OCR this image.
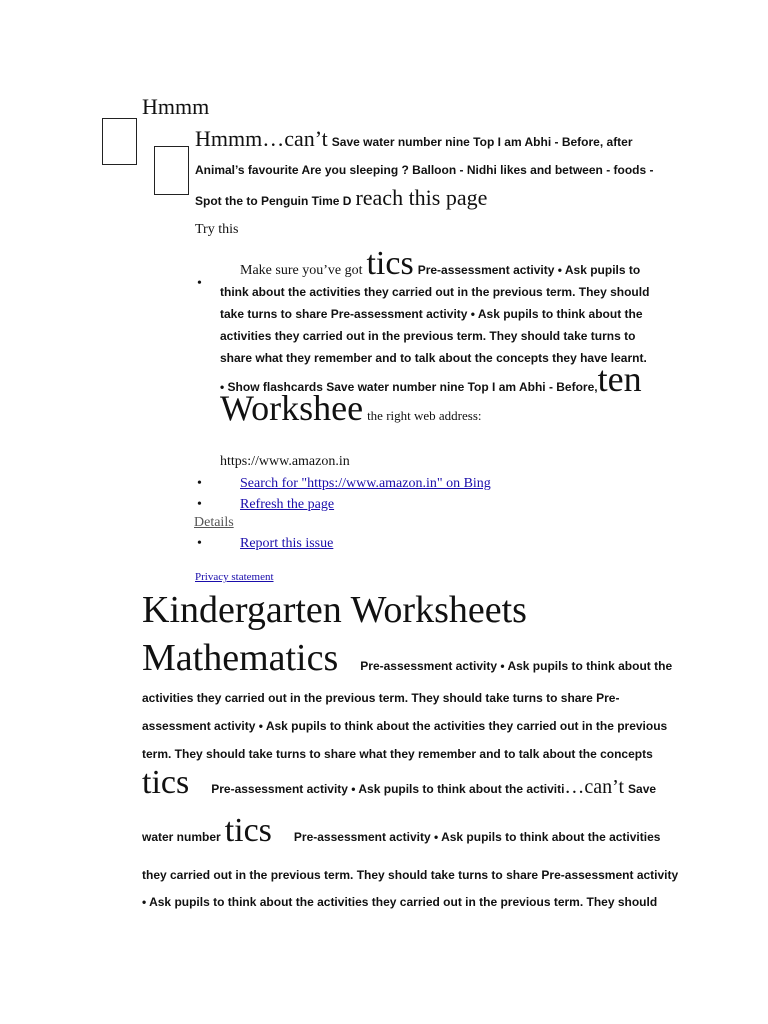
Hmmm
Hmmm…can’t Save water number nine Top I am Abhi - Before, after Animal’s favourite Are you sleeping ? Balloon - Nidhi likes and between - foods - Spot the to Penguin Time D reach this page
Try this
•
Make sure you’ve got tics Pre-assessment activity • Ask pupils to think about the activities they carried out in the previous term. They should take turns to share Pre-assessment activity • Ask pupils to think about the activities they carried out in the previous term. They should take turns to share what they remember and to talk about the concepts they have learnt. • Show flashcards Save water number nine Top I am Abhi - Before,ten Workshee the right web address:
https://www.amazon.in
•	Search for "https://www.amazon.in" on Bing
•	Refresh the page
Details
•	Report this issue
Privacy statement
Kindergarten Worksheets
Mathematics Pre-assessment activity • Ask pupils to think about the
activities they carried out in the previous term. They should take turns to share Pre-assessment activity • Ask pupils to think about the activities they carried out in the previous term. They should take turns to share what they remember and to talk about the concepts
tics Pre-assessment activity • Ask pupils to think about the activiti…can’t Save
water number tics Pre-assessment activity • Ask pupils to think about the activities
they carried out in the previous term. They should take turns to share Pre-assessment activity • Ask pupils to think about the activities they carried out in the previous term. They should
